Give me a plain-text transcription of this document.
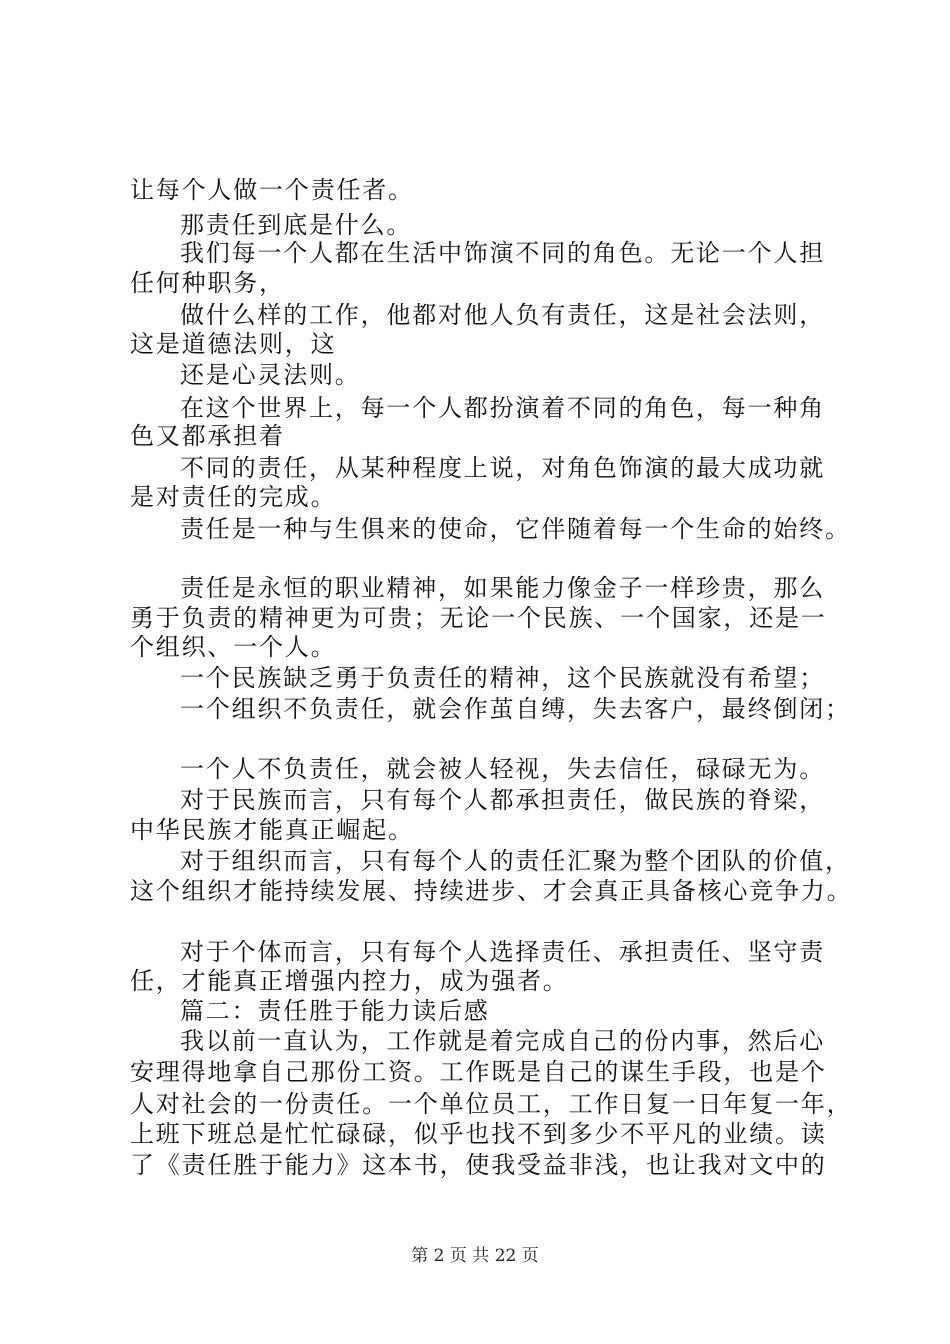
让每个人做一个责任者。
那责任到底是什么。
我们每一个人都在生活中饰演不同的角色。无论一个人担
任何种职务，
做什么样的工作，他都对他人负有责任，这是社会法则，
这是道德法则，这
还是心灵法则。
在这个世界上，每一个人都扮演着不同的角色，每一种角
色又都承担着
不同的责任，从某种程度上说，对角色饰演的最大成功就
是对责任的完成。
责任是一种与生俱来的使命，它伴随着每一个生命的始终。
责任是永恒的职业精神，如果能力像金子一样珍贵，那么
勇于负责的精神更为可贵；无论一个民族、一个国家，还是一
个组织、一个人。
一个民族缺乏勇于负责任的精神，这个民族就没有希望；
一个组织不负责任，就会作茧自缚，失去客户，最终倒闭；
一个人不负责任，就会被人轻视，失去信任，碌碌无为。
对于民族而言，只有每个人都承担责任，做民族的脊梁，
中华民族才能真正崛起。
对于组织而言，只有每个人的责任汇聚为整个团队的价值，
这个组织才能持续发展、持续进步、才会真正具备核心竞争力。
对于个体而言，只有每个人选择责任、承担责任、坚守责
任，才能真正增强内控力，成为强者。
篇二：责任胜于能力读后感
我以前一直认为，工作就是着完成自己的份内事，然后心
安理得地拿自己那份工资。工作既是自己的谋生手段，也是个
人对社会的一份责任。一个单位员工，工作日复一日年复一年，
上班下班总是忙忙碌碌，似乎也找不到多少不平凡的业绩。读
了《责任胜于能力》这本书，使我受益非浅，也让我对文中的
第 2 页 共 22 页
